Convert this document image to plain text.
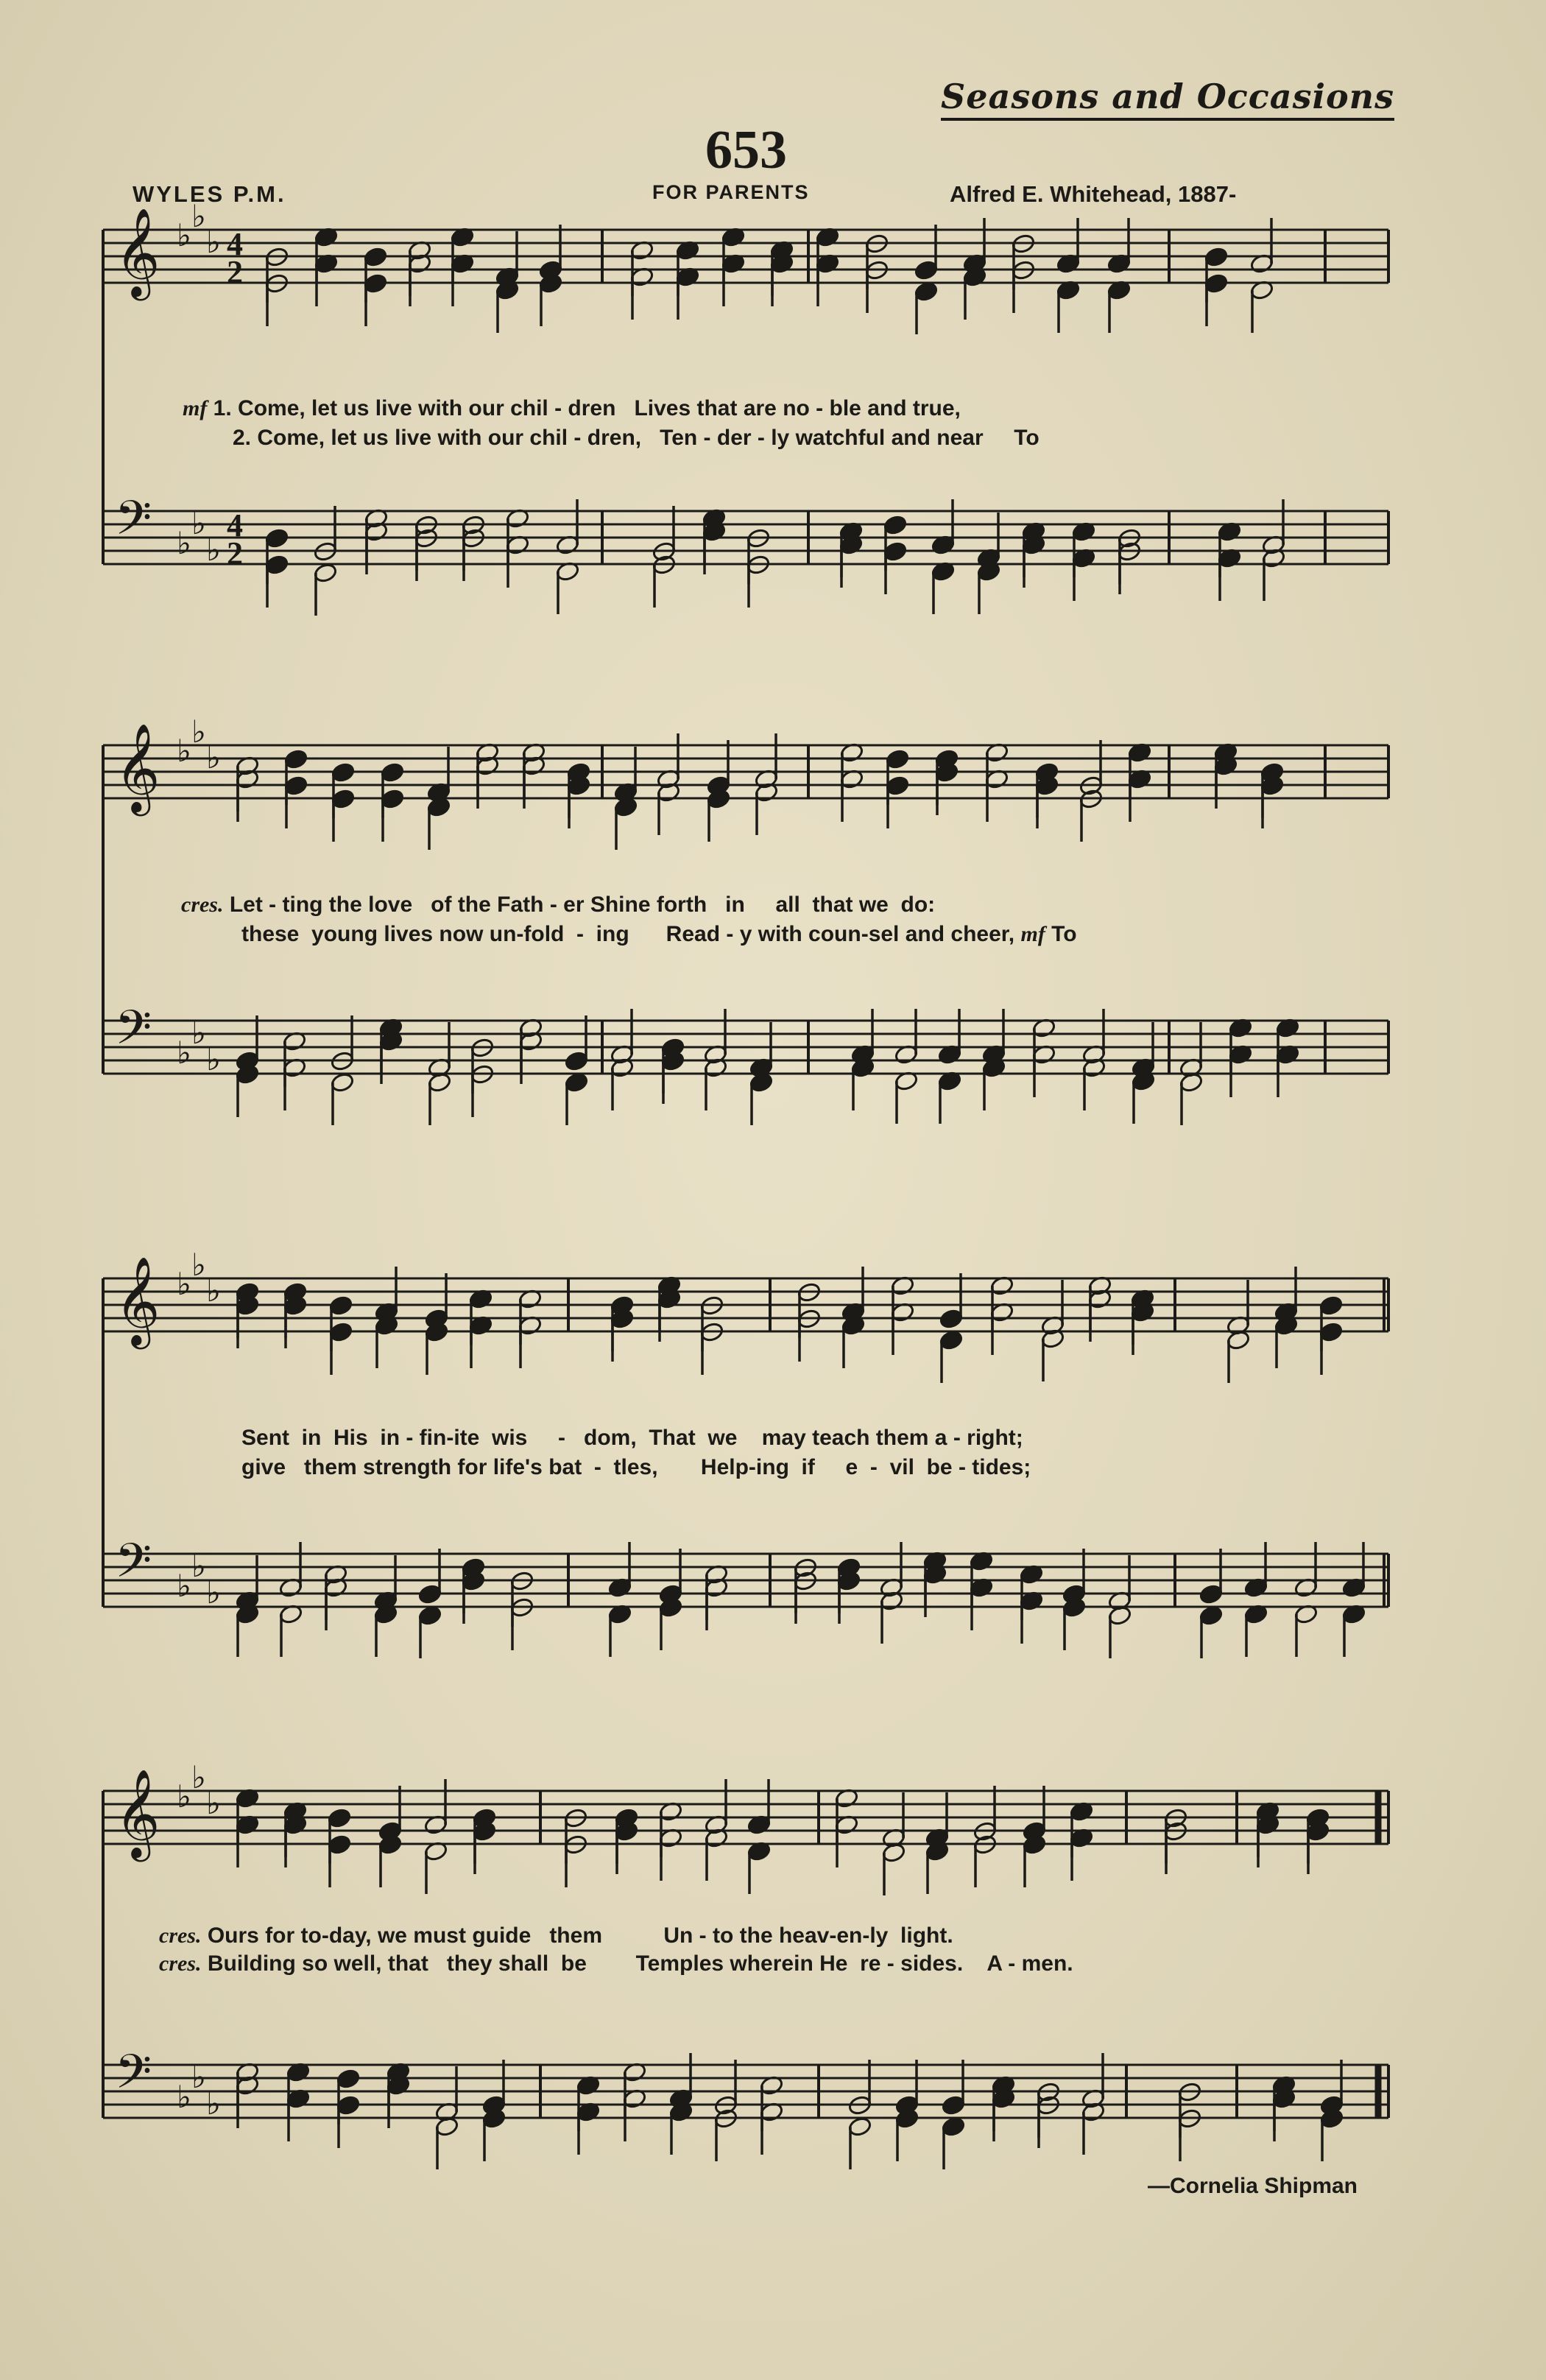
Seasons and Occasions
653
WYLES P.M.	FOR PARENTS	Alfred E. Whitehead, 1887-
𝄞 ♭
♭
♭ 4
2
𝄢 ♭
♭
♭
4
2
mf 1. Come, let us live with our chil - dren   Lives that are no - ble and true,
2. Come, let us live with our chil - dren,   Ten - der - ly watchful and near     To
𝄞 ♭
♭
♭
𝄢 ♭
♭
♭
cres. Let - ting the love   of the Fath - er Shine forth   in     all  that we  do:
these  young lives now un-fold  -  ing      Read - y with coun-sel and cheer, mf To
𝄞 ♭
♭
♭
𝄢 ♭
♭
♭
Sent  in  His  in - fin-ite  wis     -   dom,  That  we    may teach them a - right;
give   them strength for life's bat  -  tles,       Help-ing  if     e  -  vil  be - tides;
𝄞 ♭
♭
♭
𝄢 ♭
♭
♭
cres. Ours for to-day, we must guide   them          Un - to the heav-en-ly  light.
cres. Building so well, that   they shall  be        Temples wherein He  re - sides.    A - men.
—Cornelia Shipman
